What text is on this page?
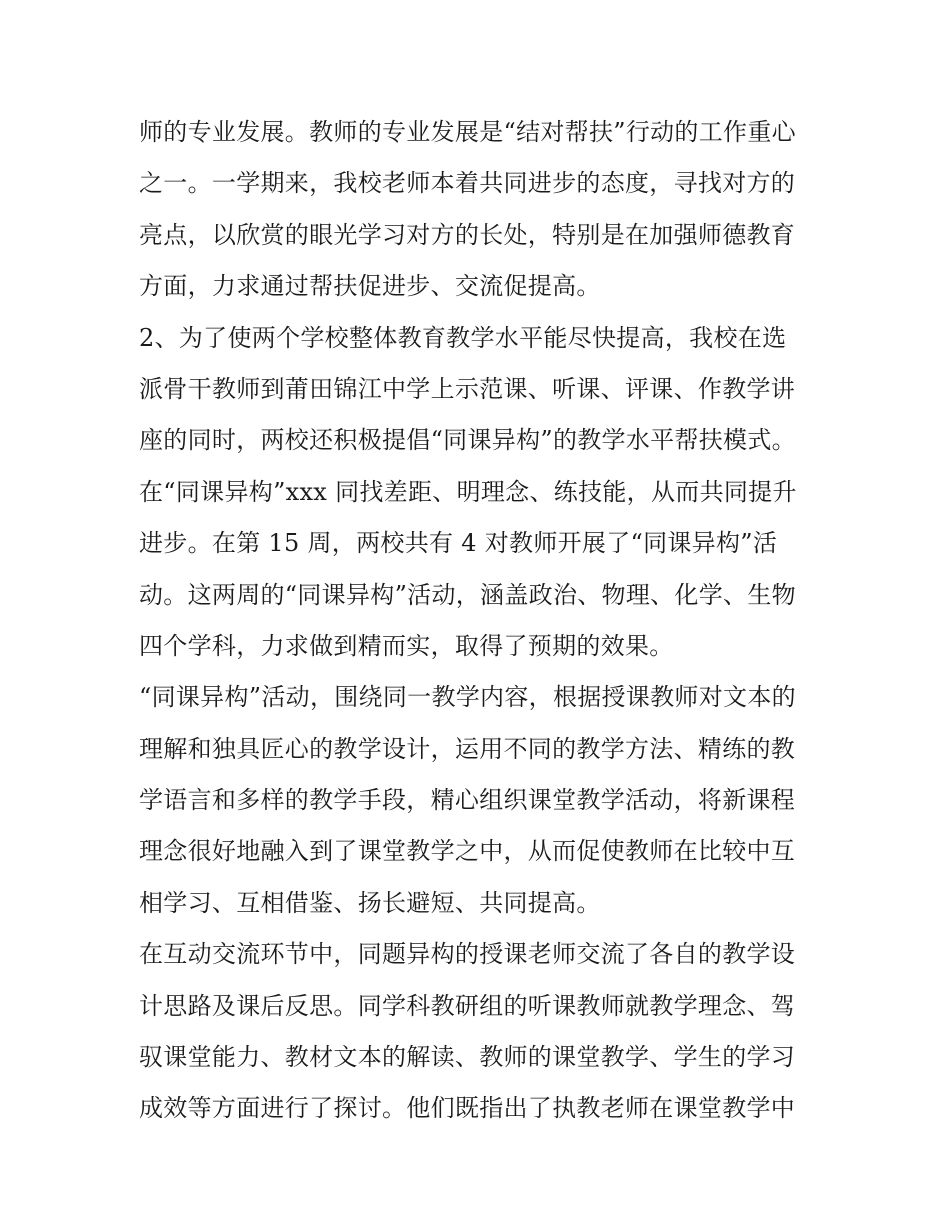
师的专业发展。教师的专业发展是“结对帮扶”行动的工作重心
之一。一学期来，我校老师本着共同进步的态度，寻找对方的
亮点，以欣赏的眼光学习对方的长处，特别是在加强师德教育
方面，力求通过帮扶促进步、交流促提高。
2、为了使两个学校整体教育教学水平能尽快提高，我校在选
派骨干教师到莆田锦江中学上示范课、听课、评课、作教学讲
座的同时，两校还积极提倡“同课异构”的教学水平帮扶模式。
在“同课异构”xxx 同找差距、明理念、练技能，从而共同提升
进步。在第 15 周，两校共有 4 对教师开展了“同课异构”活
动。这两周的“同课异构”活动，涵盖政治、物理、化学、生物
四个学科，力求做到精而实，取得了预期的效果。
“同课异构”活动，围绕同一教学内容，根据授课教师对文本的
理解和独具匠心的教学设计，运用不同的教学方法、精练的教
学语言和多样的教学手段，精心组织课堂教学活动，将新课程
理念很好地融入到了课堂教学之中，从而促使教师在比较中互
相学习、互相借鉴、扬长避短、共同提高。
在互动交流环节中，同题异构的授课老师交流了各自的教学设
计思路及课后反思。同学科教研组的听课教师就教学理念、驾
驭课堂能力、教材文本的解读、教师的课堂教学、学生的学习
成效等方面进行了探讨。他们既指出了执教老师在课堂教学中
